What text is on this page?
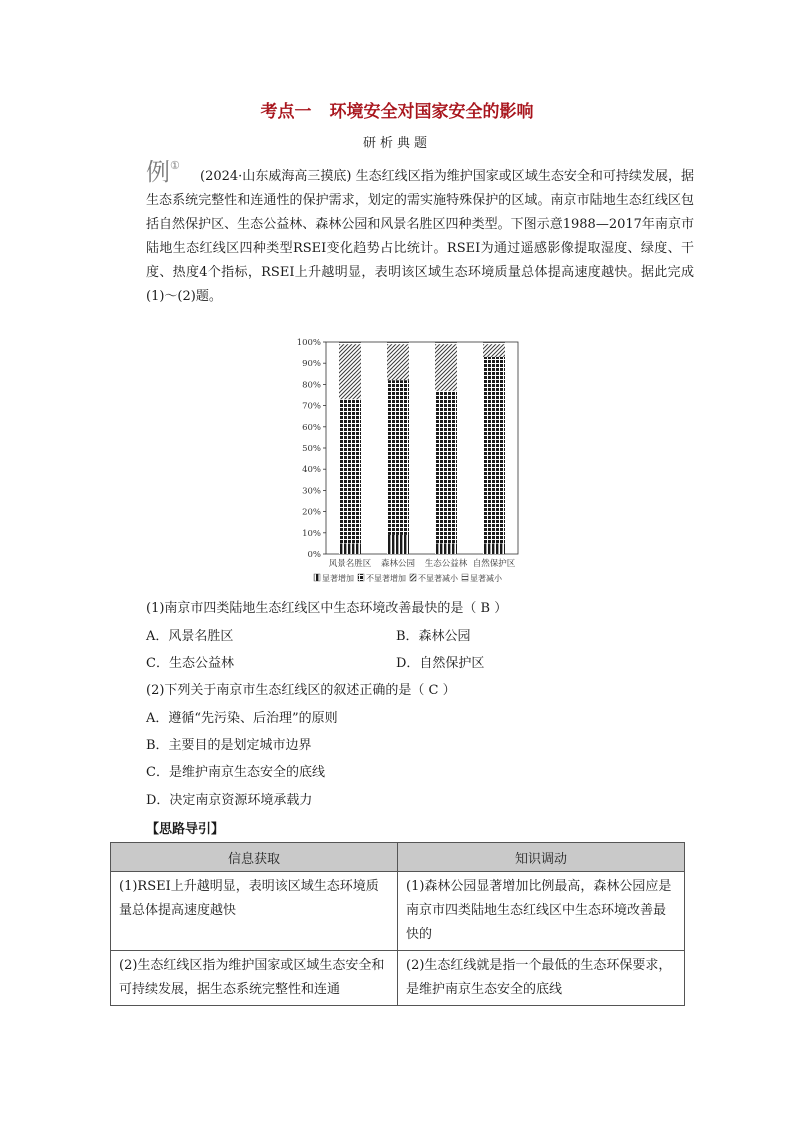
考点一 环境安全对国家安全的影响
研析典题
例①
(2024·山东威海高三摸底) 生态红线区指为维护国家或区域生态安全和可持续发展，据生态系统完整性和连通性的保护需求，划定的需实施特殊保护的区域。南京市陆地生态红线区包括自然保护区、生态公益林、森林公园和风景名胜区四种类型。下图示意1988—2017年南京市陆地生态红线区四种类型RSEI变化趋势占比统计。RSEI为通过遥感影像提取湿度、绿度、干度、热度4个指标，RSEI上升越明显，表明该区域生态环境质量总体提高速度越快。据此完成(1)～(2)题。
0%
10%
20%
30%
40%
50%
60%
70%
80%
90%
100%
风景名胜区 森林公园 生态公益林 自然保护区
显著增加 不显著增加 不显著减小 显著减小
(1)南京市四类陆地生态红线区中生态环境改善最快的是（ B ）
A．风景名胜区	B．森林公园
C．生态公益林	D．自然保护区
(2)下列关于南京市生态红线区的叙述正确的是（ C ）
A．遵循“先污染、后治理”的原则
B．主要目的是划定城市边界
C．是维护南京生态安全的底线
D．决定南京资源环境承载力
【思路导引】
信息获取	知识调动
(1)RSEI上升越明显，表明该区域生态环境质量总体提高速度越快	(1)森林公园显著增加比例最高，森林公园应是南京市四类陆地生态红线区中生态环境改善最快的
(2)生态红线区指为维护国家或区域生态安全和可持续发展，据生态系统完整性和连通	(2)生态红线就是指一个最低的生态环保要求，是维护南京生态安全的底线
